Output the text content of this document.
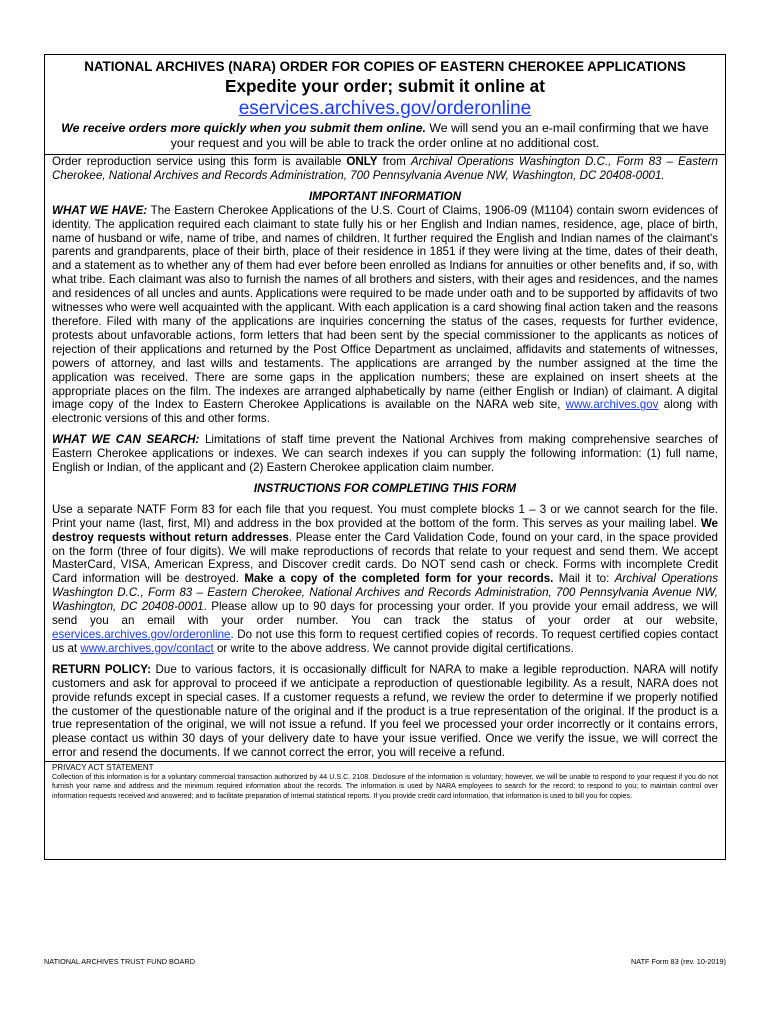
NATIONAL ARCHIVES (NARA) ORDER FOR COPIES OF EASTERN CHEROKEE APPLICATIONS
Expedite your order; submit it online at
eservices.archives.gov/orderonline
We receive orders more quickly when you submit them online. We will send you an e-mail confirming that we have your request and you will be able to track the order online at no additional cost.

Order reproduction service using this form is available ONLY from Archival Operations Washington D.C., Form 83 – Eastern Cherokee, National Archives and Records Administration, 700 Pennsylvania Avenue NW, Washington, DC 20408-0001.

IMPORTANT INFORMATION

WHAT WE HAVE: The Eastern Cherokee Applications of the U.S. Court of Claims, 1906-09 (M1104) contain sworn evidences of identity. The application required each claimant to state fully his or her English and Indian names, residence, age, place of birth, name of husband or wife, name of tribe, and names of children. It further required the English and Indian names of the claimant's parents and grandparents, place of their birth, place of their residence in 1851 if they were living at the time, dates of their death, and a statement as to whether any of them had ever before been enrolled as Indians for annuities or other benefits and, if so, with what tribe. Each claimant was also to furnish the names of all brothers and sisters, with their ages and residences, and the names and residences of all uncles and aunts. Applications were required to be made under oath and to be supported by affidavits of two witnesses who were well acquainted with the applicant. With each application is a card showing final action taken and the reasons therefore. Filed with many of the applications are inquiries concerning the status of the cases, requests for further evidence, protests about unfavorable actions, form letters that had been sent by the special commissioner to the applicants as notices of rejection of their applications and returned by the Post Office Department as unclaimed, affidavits and statements of witnesses, powers of attorney, and last wills and testaments. The applications are arranged by the number assigned at the time the application was received. There are some gaps in the application numbers; these are explained on insert sheets at the appropriate places on the film. The indexes are arranged alphabetically by name (either English or Indian) of claimant. A digital image copy of the Index to Eastern Cherokee Applications is available on the NARA web site, www.archives.gov along with electronic versions of this and other forms.

WHAT WE CAN SEARCH: Limitations of staff time prevent the National Archives from making comprehensive searches of Eastern Cherokee applications or indexes. We can search indexes if you can supply the following information: (1) full name, English or Indian, of the applicant and (2) Eastern Cherokee application claim number.

INSTRUCTIONS FOR COMPLETING THIS FORM

Use a separate NATF Form 83 for each file that you request. You must complete blocks 1 – 3 or we cannot search for the file. Print your name (last, first, MI) and address in the box provided at the bottom of the form. This serves as your mailing label. We destroy requests without return addresses. Please enter the Card Validation Code, found on your card, in the space provided on the form (three of four digits). We will make reproductions of records that relate to your request and send them. We accept MasterCard, VISA, American Express, and Discover credit cards. Do NOT send cash or check. Forms with incomplete Credit Card information will be destroyed. Make a copy of the completed form for your records. Mail it to: Archival Operations Washington D.C., Form 83 – Eastern Cherokee, National Archives and Records Administration, 700 Pennsylvania Avenue NW, Washington, DC 20408-0001. Please allow up to 90 days for processing your order. If you provide your email address, we will send you an email with your order number. You can track the status of your order at our website, eservices.archives.gov/orderonline. Do not use this form to request certified copies of records. To request certified copies contact us at www.archives.gov/contact or write to the above address. We cannot provide digital certifications.

RETURN POLICY: Due to various factors, it is occasionally difficult for NARA to make a legible reproduction. NARA will notify customers and ask for approval to proceed if we anticipate a reproduction of questionable legibility. As a result, NARA does not provide refunds except in special cases. If a customer requests a refund, we review the order to determine if we properly notified the customer of the questionable nature of the original and if the product is a true representation of the original. If the product is a true representation of the original, we will not issue a refund. If you feel we processed your order incorrectly or it contains errors, please contact us within 30 days of your delivery date to have your issue verified. Once we verify the issue, we will correct the error and resend the documents. If we cannot correct the error, you will receive a refund.

PRIVACY ACT STATEMENT
Collection of this information is for a voluntary commercial transaction authorized by 44 U.S.C. 2108. Disclosure of the information is voluntary; however, we will be unable to respond to your request if you do not furnish your name and address and the minimum required information about the records. The information is used by NARA employees to search for the record; to respond to you; to maintain control over information requests received and answered; and to facilitate preparation of internal statistical reports. If you provide credit card information, that information is used to bill you for copies.
NATIONAL ARCHIVES TRUST FUND BOARD	NATF Form 83 (rev. 10-2019)
